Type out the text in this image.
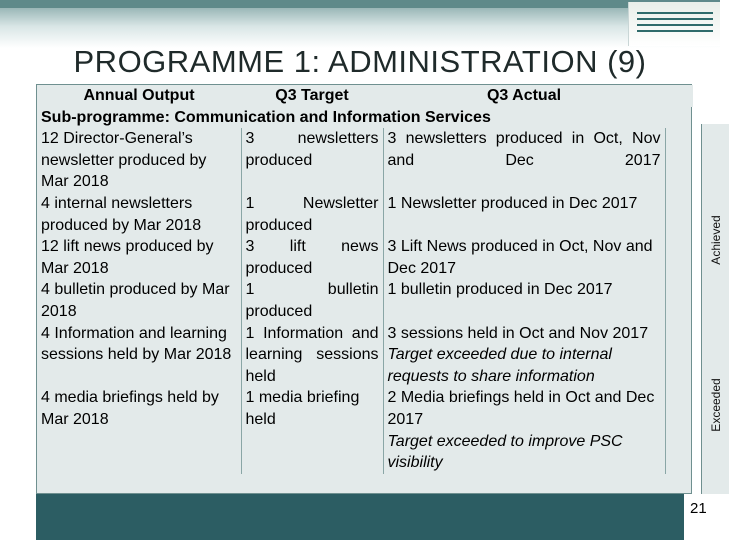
PROGRAMME 1: ADMINISTRATION (9)
Annual Output	Q3 Target	Q3 Actual	
Sub-programme: Communication and Information Services			
12 Director-General’s newsletter produced by Mar 2018	3 newsletters produced	3 newsletters produced in Oct, Nov and Dec 2017	
4 internal newsletters produced by Mar 2018	1 Newsletter produced	1 Newsletter produced in Dec 2017	
12 lift news produced by Mar 2018	3 lift news produced	3 Lift News produced in Oct, Nov and Dec 2017	
4 bulletin produced by Mar 2018	1 bulletin produced	1 bulletin produced in Dec 2017	
4 Information and learning sessions held by Mar 2018	1 Information and learning sessions held	3 sessions held in Oct and Nov 2017
Target exceeded due to internal requests to share information	

4 media briefings held by Mar 2018	1 media briefing held	2 Media briefings held in Oct and Dec 2017
Target exceeded to improve PSC visibility	

Achieved
Exceeded
21
